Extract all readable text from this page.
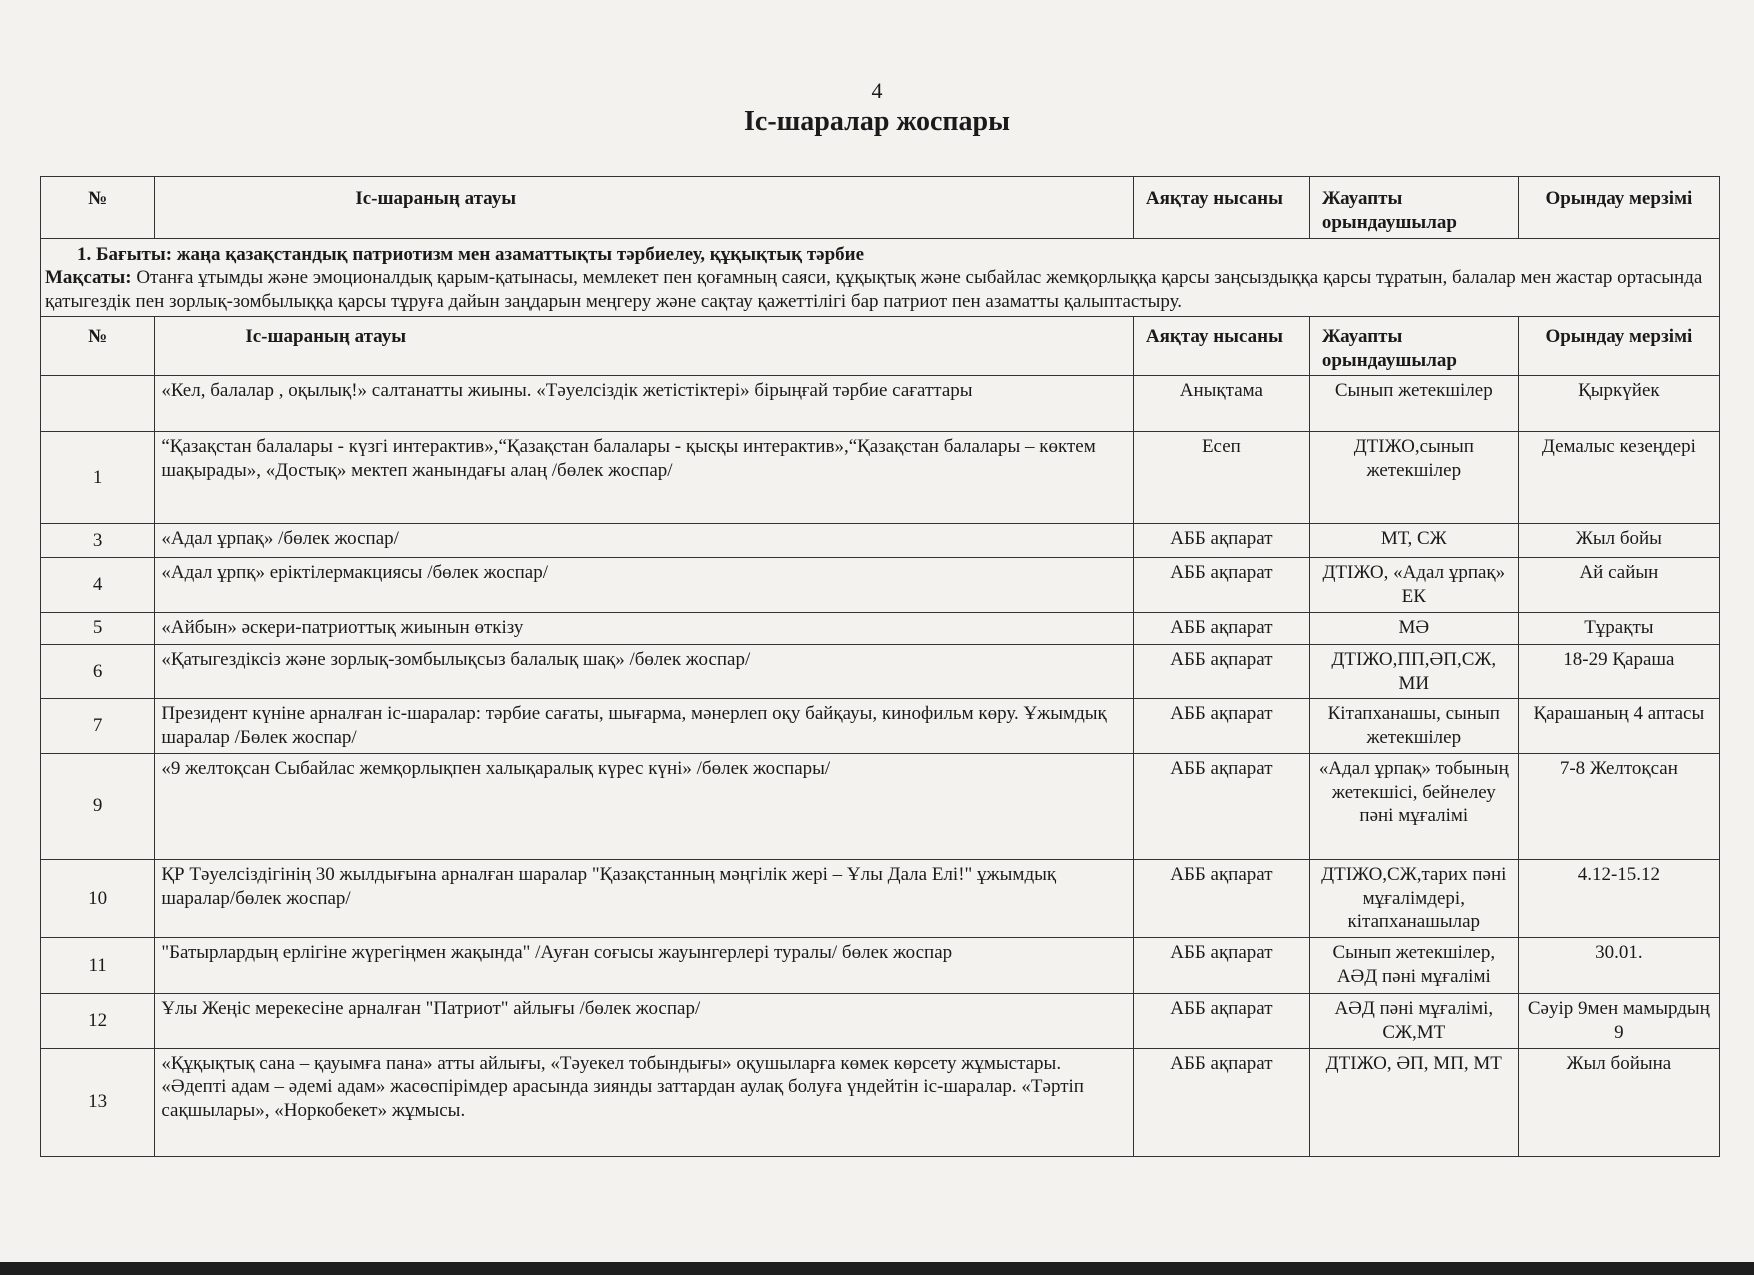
4
Іс-шаралар жоспары
№	Іс-шараның атауы	Аяқтау нысаны	Жауапты орындаушылар	Орындау мерзімі

1. Бағыты: жаңа қазақстандық патриотизм мен азаматтықты тәрбиелеу, құқықтық тәрбие
Мақсаты: Отанға ұтымды және эмоционалдық қарым-қатынасы, мемлекет пен қоғамның саяси, құқықтық және сыбайлас жемқорлыққа қарсы заңсыздыққа қарсы тұратын, балалар мен жастар ортасында қатыгездік пен зорлық-зомбылыққа қарсы тұруға дайын заңдарын меңгеру және сақтау қажеттілігі бар патриот пен азаматты қалыптастыру.				

№	Іс-шараның атауы	Аяқтау нысаны	Жауапты орындаушылар	Орындау мерзімі
	«Кел, балалар , оқылық!» салтанатты жиыны. «Тәуелсіздік жетістіктері» бірыңғай тәрбие сағаттары	Анықтама	Сынып жетекшілер	Қыркүйек
1	“Қазақстан балалары - күзгі интерактив»,“Қазақстан балалары - қысқы интерактив»,“Қазақстан балалары – көктем шақырады», «Достық» мектеп жанындағы алаң /бөлек жоспар/	Есеп	ДТІЖО,сынып жетекшілер	Демалыс кезеңдері
3	«Адал ұрпақ» /бөлек жоспар/	АББ ақпарат	МТ, СЖ	Жыл бойы
4	«Адал ұрпқ» еріктілермакциясы /бөлек жоспар/	АББ ақпарат	ДТІЖО, «Адал ұрпақ» ЕК	Ай сайын
5	«Айбын» әскери-патриоттық жиынын өткізу	АББ ақпарат	МӘ	Тұрақты
6	«Қатыгездіксіз және зорлық-зомбылықсыз балалық шақ» /бөлек жоспар/	АББ ақпарат	ДТІЖО,ПП,ӘП,СЖ, МИ	18-29 Қараша
7	Президент күніне арналған іс-шаралар: тәрбие сағаты, шығарма, мәнерлеп оқу байқауы, кинофильм көру. Ұжымдық шаралар /Бөлек жоспар/	АББ ақпарат	Кітапханашы, сынып жетекшілер	Қарашаның 4 аптасы
9	«9 желтоқсан Сыбайлас жемқорлықпен халықаралық күрес күні» /бөлек жоспары/	АББ ақпарат	«Адал ұрпақ» тобының жетекшісі, бейнелеу пәні мұғалімі	7-8 Желтоқсан
10	ҚР Тәуелсіздігінің 30 жылдығына арналған шаралар "Қазақстанның мәңгілік жері – Ұлы Дала Елі!" ұжымдық шаралар/бөлек жоспар/	АББ ақпарат	ДТІЖО,СЖ,тарих пәні мұғалімдері, кітапханашылар	4.12-15.12
11	"Батырлардың ерлігіне жүрегіңмен жақында" /Ауған соғысы жауынгерлері туралы/ бөлек жоспар	АББ ақпарат	Сынып жетекшілер, АӘД пәні мұғалімі	30.01.
12	Ұлы Жеңіс мерекесіне арналған "Патриот" айлығы /бөлек жоспар/	АББ ақпарат	АӘД пәні мұғалімі, СЖ,МТ	Сәуір 9мен мамырдың 9
13	«Құқықтық сана – қауымға пана» атты айлығы, «Тәуекел тобындығы» оқушыларға көмек көрсету жұмыстары. «Әдепті адам – әдемі адам» жасөспірімдер арасында зиянды заттардан аулақ болуға үндейтін іс-шаралар. «Тәртіп сақшылары», «Норкобекет» жұмысы.	АББ ақпарат	ДТІЖО, ӘП, МП, МТ	Жыл бойына
